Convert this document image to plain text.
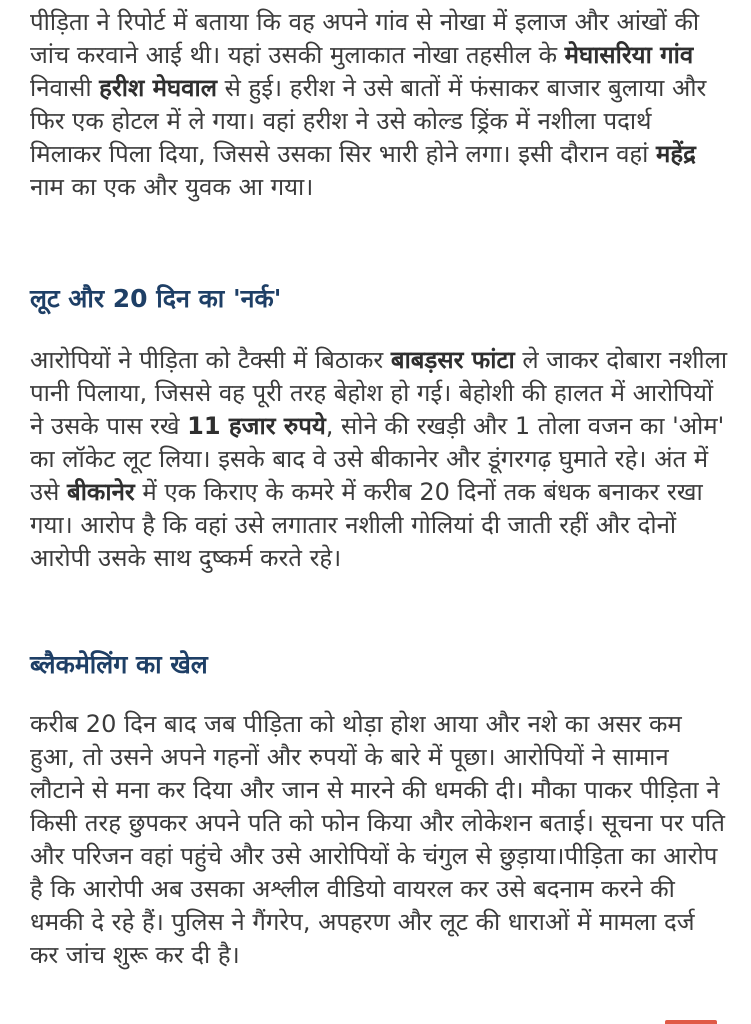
पीड़िता ने रिपोर्ट में बताया कि वह अपने गांव से नोखा में इलाज और आंखों की जांच करवाने आई थी। यहां उसकी मुलाकात नोखा तहसील के मेघासरिया गांव निवासी हरीश मेघवाल से हुई। हरीश ने उसे बातों में फंसाकर बाजार बुलाया और फिर एक होटल में ले गया। वहां हरीश ने उसे कोल्ड ड्रिंक में नशीला पदार्थ मिलाकर पिला दिया, जिससे उसका सिर भारी होने लगा। इसी दौरान वहां महेंद्र नाम का एक और युवक आ गया।

लूट और 20 दिन का 'नर्क'

आरोपियों ने पीड़िता को टैक्सी में बिठाकर बाबड़सर फांटा ले जाकर दोबारा नशीला पानी पिलाया, जिससे वह पूरी तरह बेहोश हो गई। बेहोशी की हालत में आरोपियों ने उसके पास रखे 11 हजार रुपये, सोने की रखड़ी और 1 तोला वजन का 'ओम' का लॉकेट लूट लिया। इसके बाद वे उसे बीकानेर और डूंगरगढ़ घुमाते रहे। अंत में उसे बीकानेर में एक किराए के कमरे में करीब 20 दिनों तक बंधक बनाकर रखा गया। आरोप है कि वहां उसे लगातार नशीली गोलियां दी जाती रहीं और दोनों आरोपी उसके साथ दुष्कर्म करते रहे।

ब्लैकमेलिंग का खेल

करीब 20 दिन बाद जब पीड़िता को थोड़ा होश आया और नशे का असर कम हुआ, तो उसने अपने गहनों और रुपयों के बारे में पूछा। आरोपियों ने सामान लौटाने से मना कर दिया और जान से मारने की धमकी दी। मौका पाकर पीड़िता ने किसी तरह छुपकर अपने पति को फोन किया और लोकेशन बताई। सूचना पर पति और परिजन वहां पहुंचे और उसे आरोपियों के चंगुल से छुड़ाया।पीड़िता का आरोप है कि आरोपी अब उसका अश्लील वीडियो वायरल कर उसे बदनाम करने की धमकी दे रहे हैं। पुलिस ने गैंगरेप, अपहरण और लूट की धाराओं में मामला दर्ज कर जांच शुरू कर दी है।
